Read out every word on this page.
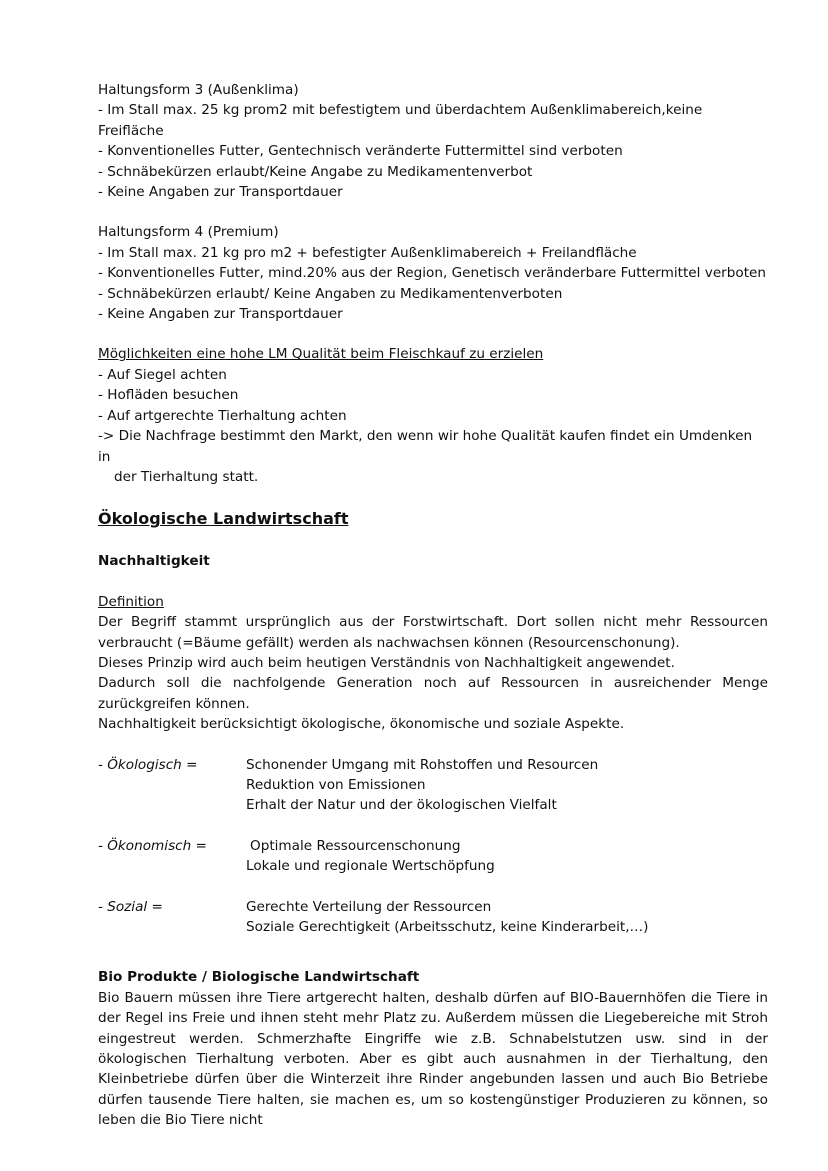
Haltungsform 3 (Außenklima)

- Im Stall max. 25 kg prom2 mit befestigtem und überdachtem Außenklimabereich,keine Freifläche

- Konventionelles Futter, Gentechnisch veränderte Futtermittel sind verboten

- Schnäbekürzen erlaubt/Keine Angabe zu Medikamentenverbot

- Keine Angaben zur Transportdauer

Haltungsform 4 (Premium)

- Im Stall max. 21 kg pro m2 + befestigter Außenklimabereich + Freilandfläche

- Konventionelles Futter, mind.20% aus der Region, Genetisch veränderbare Futtermittel verboten

- Schnäbekürzen erlaubt/ Keine Angaben zu Medikamentenverboten

- Keine Angaben zur Transportdauer

Möglichkeiten eine hohe LM Qualität beim Fleischkauf zu erzielen

- Auf Siegel achten

- Hofläden besuchen

- Auf artgerechte Tierhaltung achten

-> Die Nachfrage bestimmt den Markt, den wenn wir hohe Qualität kaufen findet ein Umdenken in

der Tierhaltung statt.

Ökologische Landwirtschaft

Nachhaltigkeit

Definition

Der Begriff stammt ursprünglich aus der Forstwirtschaft. Dort sollen nicht mehr Ressourcen verbraucht (=Bäume gefällt) werden als nachwachsen können (Resourcenschonung).

Dieses Prinzip wird auch beim heutigen Verständnis von Nachhaltigkeit angewendet.

Dadurch soll die nachfolgende Generation noch auf Ressourcen in ausreichender Menge zurückgreifen können.

Nachhaltigkeit berücksichtigt ökologische, ökonomische und soziale Aspekte.

- Ökologisch =	Schonender Umgang mit Rohstoffen und Resourcen

Reduktion von Emissionen

Erhalt der Natur und der ökologischen Vielfalt

- Ökonomisch =	Optimale Ressourcenschonung

Lokale und regionale Wertschöpfung

- Sozial =	Gerechte Verteilung der Ressourcen

Soziale Gerechtigkeit (Arbeitsschutz, keine Kinderarbeit,…)

Bio Produkte / Biologische Landwirtschaft

Bio Bauern müssen ihre Tiere artgerecht halten, deshalb dürfen auf BIO-Bauernhöfen die Tiere in der Regel ins Freie und ihnen steht mehr Platz zu. Außerdem müssen die Liegebereiche mit Stroh eingestreut werden. Schmerzhafte Eingriffe wie z.B. Schnabelstutzen usw. sind in der ökologischen Tierhaltung verboten. Aber es gibt auch ausnahmen in der Tierhaltung, den Kleinbetriebe dürfen über die Winterzeit ihre Rinder angebunden lassen und auch Bio Betriebe dürfen tausende Tiere halten, sie machen es, um so kostengünstiger Produzieren zu können, so leben die Bio Tiere nicht
